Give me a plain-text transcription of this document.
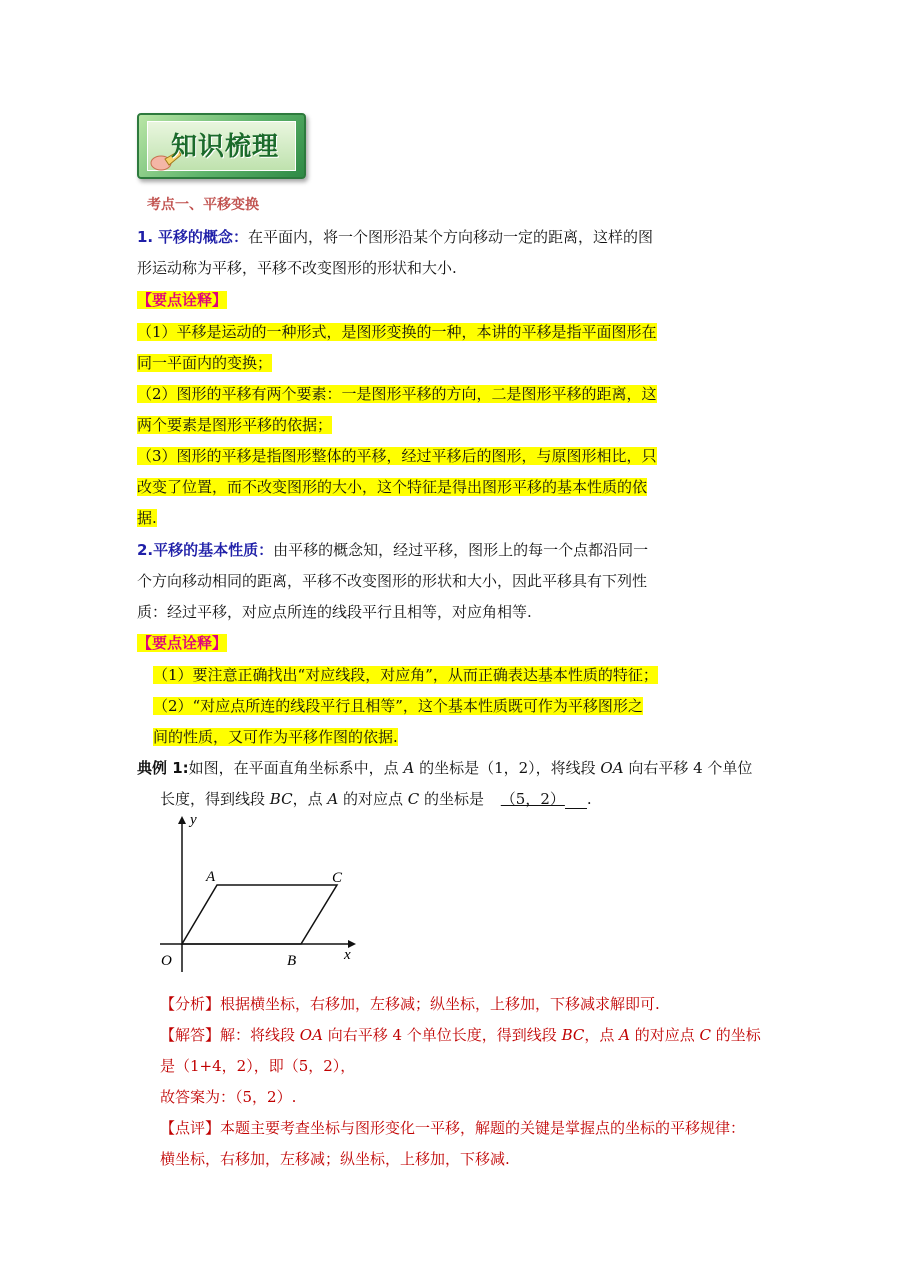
知识梳理
考点一、平移变换
1. 平移的概念：在平面内，将一个图形沿某个方向移动一定的距离，这样的图
形运动称为平移，平移不改变图形的形状和大小.
【要点诠释】
（1）平移是运动的一种形式，是图形变换的一种，本讲的平移是指平面图形在
同一平面内的变换；
（2）图形的平移有两个要素：一是图形平移的方向，二是图形平移的距离，这
两个要素是图形平移的依据；
（3）图形的平移是指图形整体的平移，经过平移后的图形，与原图形相比，只
改变了位置，而不改变图形的大小，这个特征是得出图形平移的基本性质的依
据.
2.平移的基本性质：由平移的概念知，经过平移，图形上的每一个点都沿同一
个方向移动相同的距离，平移不改变图形的形状和大小，因此平移具有下列性
质：经过平移，对应点所连的线段平行且相等，对应角相等.
【要点诠释】
（1）要注意正确找出“对应线段，对应角”，从而正确表达基本性质的特征；
（2）“对应点所连的线段平行且相等”，这个基本性质既可作为平移图形之
间的性质，又可作为平移作图的依据.
典例 1:如图，在平面直角坐标系中，点 A 的坐标是（1，2），将线段 OA 向右平移 4 个单位
长度，得到线段 BC，点 A 的对应点 C 的坐标是 （5，2） .
y
x
O
A
B
C
【分析】根据横坐标，右移加，左移减；纵坐标，上移加，下移减求解即可.
【解答】解：将线段 OA 向右平移 4 个单位长度，得到线段 BC，点 A 的对应点 C 的坐标
是（1+4，2），即（5，2），
故答案为：（5，2）.
【点评】本题主要考查坐标与图形变化一平移，解题的关键是掌握点的坐标的平移规律：
横坐标，右移加，左移减；纵坐标，上移加，下移减.
